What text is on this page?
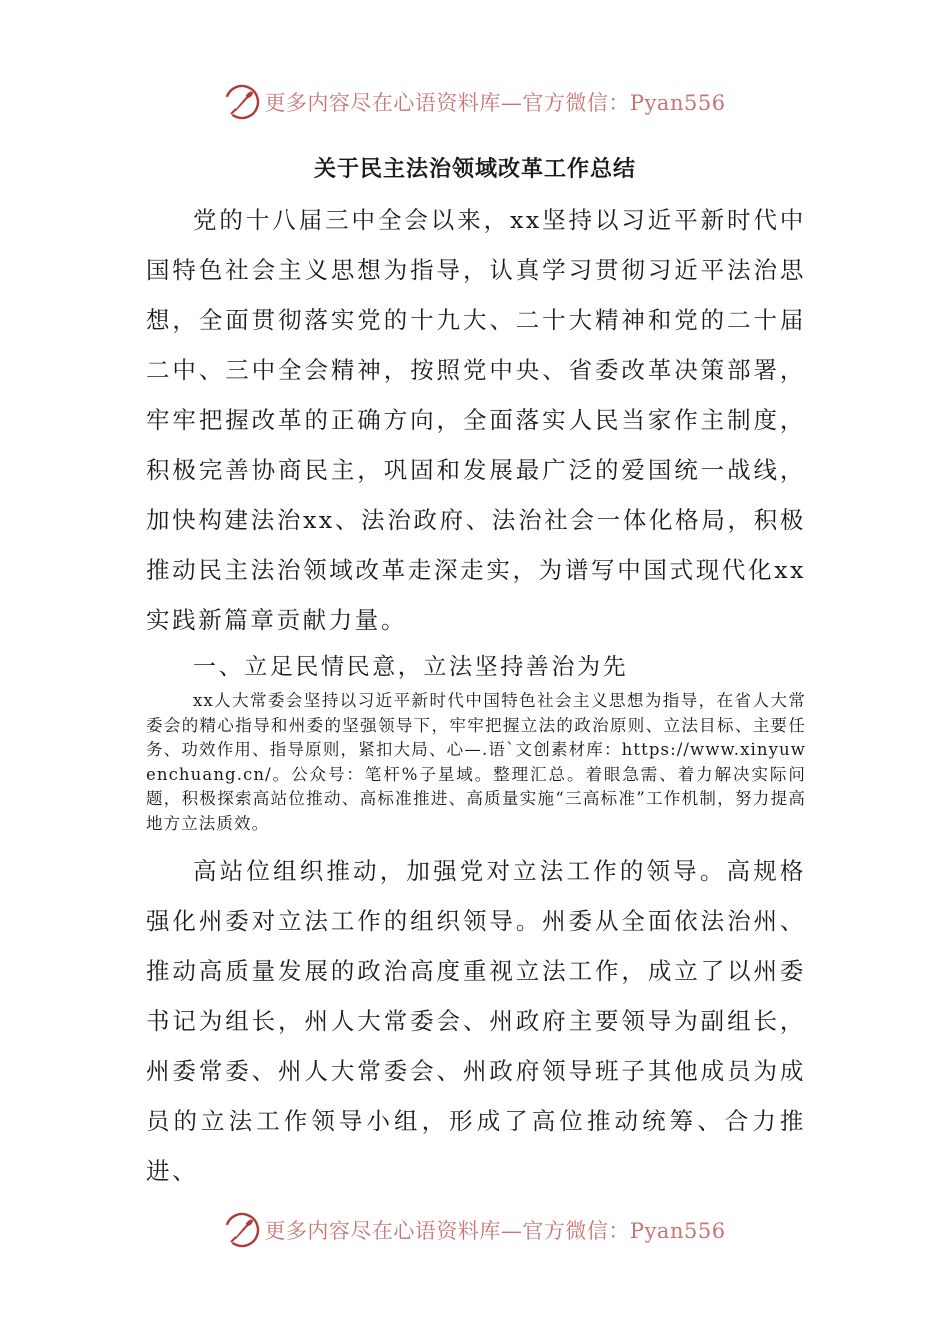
更多内容尽在心语资料库—官方微信：Pyan556
关于民主法治领域改革工作总结

党的十八届三中全会以来，xx坚持以习近平新时代中国特色社会主义思想为指导，认真学习贯彻习近平法治思想，全面贯彻落实党的十九大、二十大精神和党的二十届二中、三中全会精神，按照党中央、省委改革决策部署，牢牢把握改革的正确方向，全面落实人民当家作主制度，积极完善协商民主，巩固和发展最广泛的爱国统一战线，加快构建法治xx、法治政府、法治社会一体化格局，积极推动民主法治领域改革走深走实，为谱写中国式现代化xx实践新篇章贡献力量。

一、立足民情民意，立法坚持善治为先

xx人大常委会坚持以习近平新时代中国特色社会主义思想为指导，在省人大常委会的精心指导和州委的坚强领导下，牢牢把握立法的政治原则、立法目标、主要任务、功效作用、指导原则，紧扣大局、心—.语`文创素材库：https://www.xinyuwenchuang.cn/。公众号：笔杆%子星域。整理汇总。着眼急需、着力解决实际问题，积极探索高站位推动、高标准推进、高质量实施“三高标准”工作机制，努力提高地方立法质效。

高站位组织推动，加强党对立法工作的领导。高规格强化州委对立法工作的组织领导。州委从全面依法治州、推动高质量发展的政治高度重视立法工作，成立了以州委书记为组长，州人大常委会、州政府主要领导为副组长，州委常委、州人大常委会、州政府领导班子其他成员为成员的立法工作领导小组，形成了高位推动统筹、合力推进、

更多内容尽在心语资料库—官方微信：Pyan556
